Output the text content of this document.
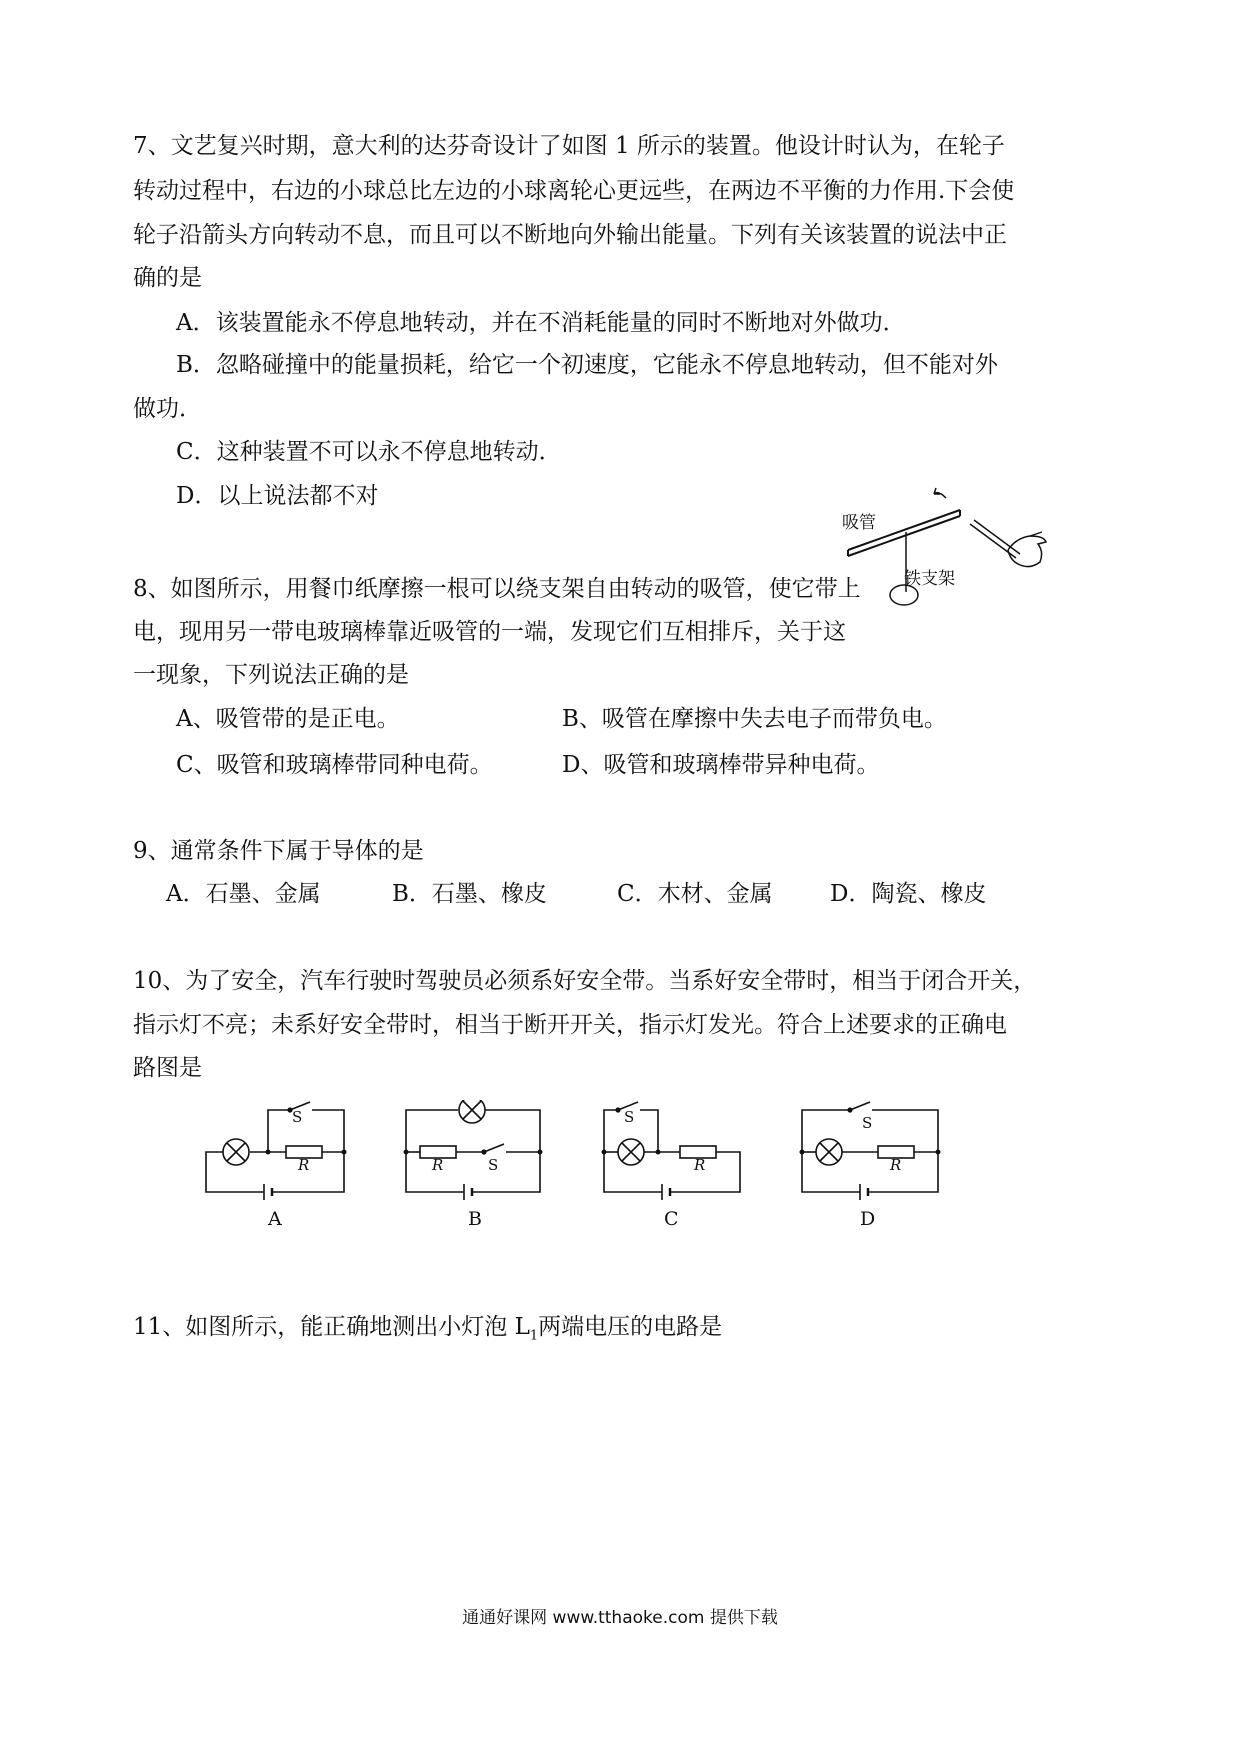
7、文艺复兴时期，意大利的达芬奇设计了如图 1 所示的装置。他设计时认为，在轮子
转动过程中，右边的小球总比左边的小球离轮心更远些，在两边不平衡的力作用.下会使
轮子沿箭头方向转动不息，而且可以不断地向外输出能量。下列有关该装置的说法中正
确的是
A．该装置能永不停息地转动，并在不消耗能量的同时不断地对外做功．
B．忽略碰撞中的能量损耗，给它一个初速度，它能永不停息地转动，但不能对外
做功．
C．这种装置不可以永不停息地转动．
D．以上说法都不对
吸管
铁支架
8、如图所示，用餐巾纸摩擦一根可以绕支架自由转动的吸管，使它带上
电，现用另一带电玻璃棒靠近吸管的一端，发现它们互相排斥，关于这
一现象，下列说法正确的是
A、吸管带的是正电。	B、吸管在摩擦中失去电子而带负电。
C、吸管和玻璃棒带同种电荷。	D、吸管和玻璃棒带异种电荷。
9、通常条件下属于导体的是
A．石墨、金属	B．石墨、橡皮	C．木材、金属 D．陶瓷、橡皮
10、为了安全，汽车行驶时驾驶员必须系好安全带。当系好安全带时，相当于闭合开关，
指示灯不亮；未系好安全带时，相当于断开开关，指示灯发光。符合上述要求的正确电
路图是
S
R
A
R	S
B
S
R
C
S
R
D
11、如图所示，能正确地测出小灯泡 $L_1$两端电压的电路是
通通好课网 www.tthaoke.com 提供下载
